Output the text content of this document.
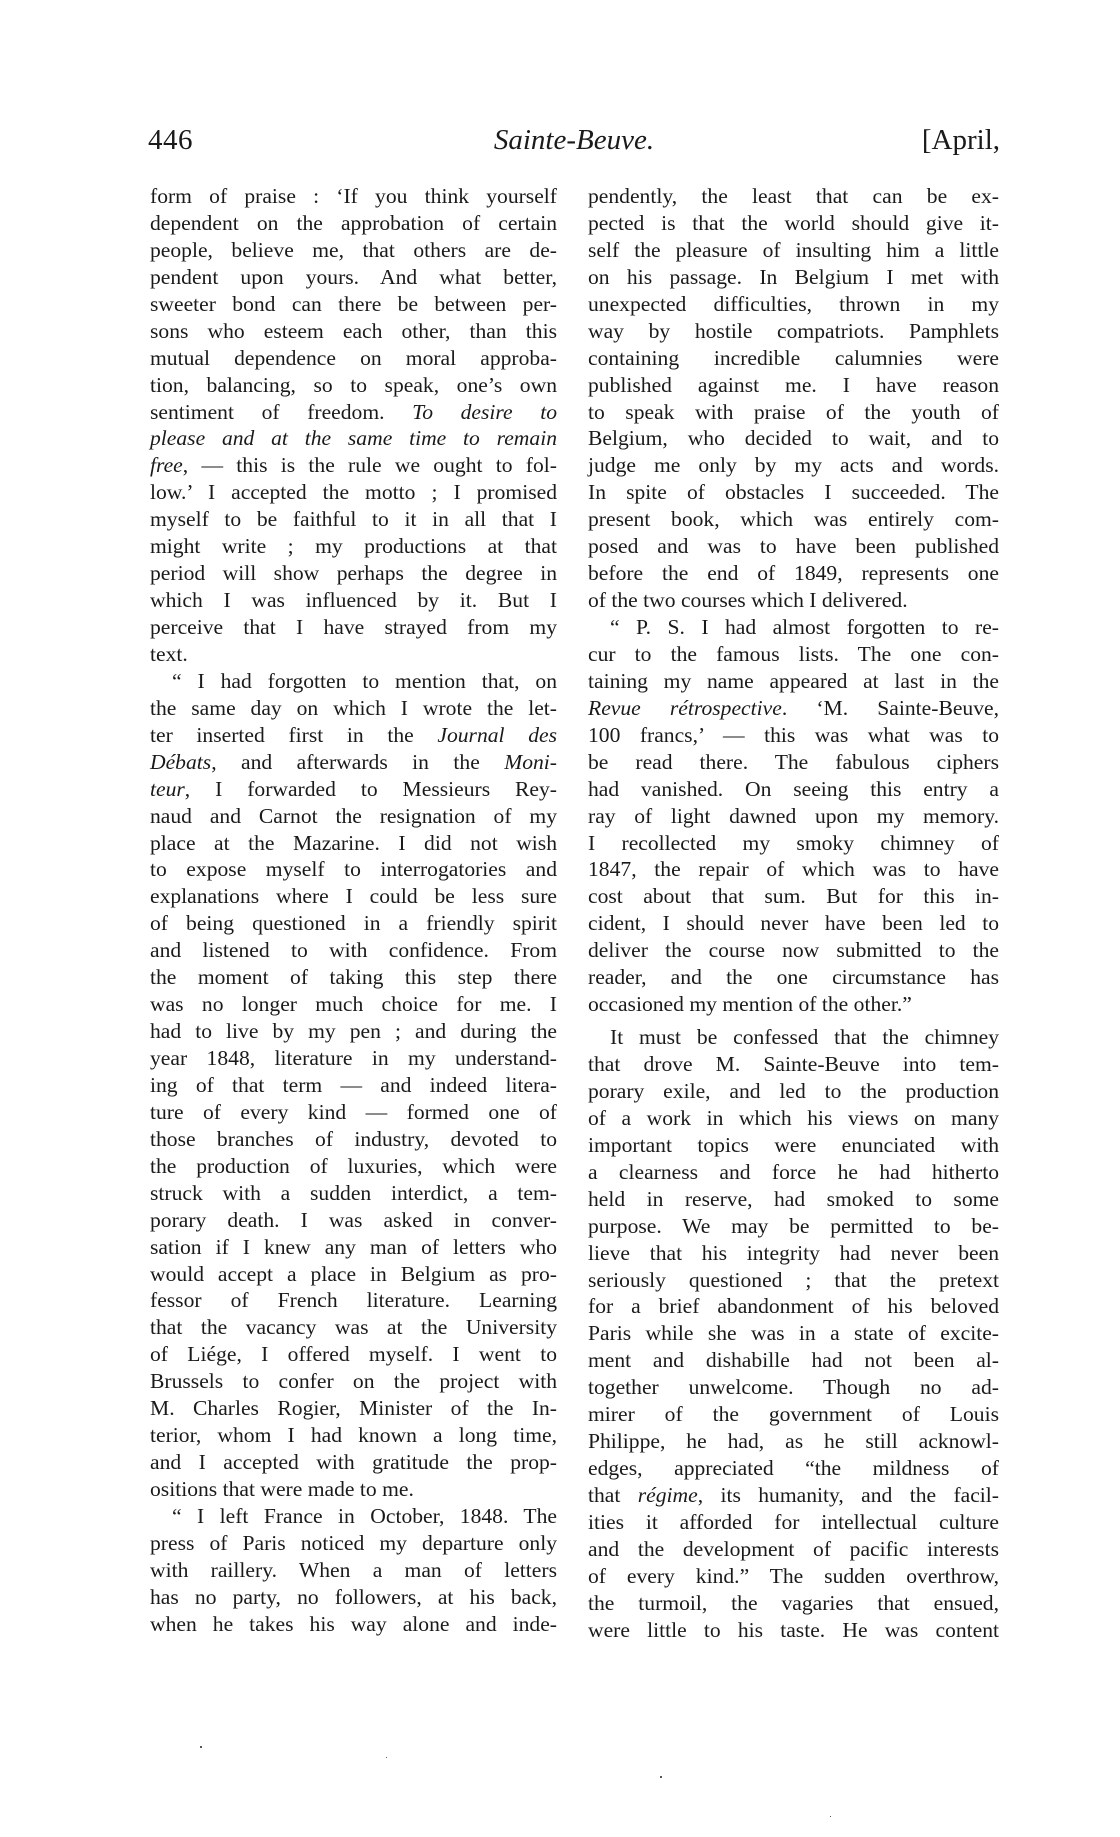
446	Sainte-Beuve.	[April,
form of praise : ‘If you think yourself
dependent on the approbation of certain
people, believe me, that others are de-
pendent upon yours. And what better,
sweeter bond can there be between per-
sons who esteem each other, than this
mutual dependence on moral approba-
tion, balancing, so to speak, one’s own
sentiment of freedom. To desire to
please and at the same time to remain
free, — this is the rule we ought to fol-
low.’ I accepted the motto ; I promised
myself to be faithful to it in all that I
might write ; my productions at that
period will show perhaps the degree in
which I was influenced by it. But I
perceive that I have strayed from my
text.
“ I had forgotten to mention that, on
the same day on which I wrote the let-
ter inserted first in the Journal des
Débats, and afterwards in the Moni-
teur, I forwarded to Messieurs Rey-
naud and Carnot the resignation of my
place at the Mazarine. I did not wish
to expose myself to interrogatories and
explanations where I could be less sure
of being questioned in a friendly spirit
and listened to with confidence. From
the moment of taking this step there
was no longer much choice for me. I
had to live by my pen ; and during the
year 1848, literature in my understand-
ing of that term — and indeed litera-
ture of every kind — formed one of
those branches of industry, devoted to
the production of luxuries, which were
struck with a sudden interdict, a tem-
porary death. I was asked in conver-
sation if I knew any man of letters who
would accept a place in Belgium as pro-
fessor of French literature. Learning
that the vacancy was at the University
of Liége, I offered myself. I went to
Brussels to confer on the project with
M. Charles Rogier, Minister of the In-
terior, whom I had known a long time,
and I accepted with gratitude the prop-
ositions that were made to me.
“ I left France in October, 1848. The
press of Paris noticed my departure only
with raillery. When a man of letters
has no party, no followers, at his back,
when he takes his way alone and inde-
pendently, the least that can be ex-
pected is that the world should give it-
self the pleasure of insulting him a little
on his passage. In Belgium I met with
unexpected difficulties, thrown in my
way by hostile compatriots. Pamphlets
containing incredible calumnies were
published against me. I have reason
to speak with praise of the youth of
Belgium, who decided to wait, and to
judge me only by my acts and words.
In spite of obstacles I succeeded. The
present book, which was entirely com-
posed and was to have been published
before the end of 1849, represents one
of the two courses which I delivered.
“ P. S. I had almost forgotten to re-
cur to the famous lists. The one con-
taining my name appeared at last in the
Revue rétrospective. ‘M. Sainte-Beuve,
100 francs,’ — this was what was to
be read there. The fabulous ciphers
had vanished. On seeing this entry a
ray of light dawned upon my memory.
I recollected my smoky chimney of
1847, the repair of which was to have
cost about that sum. But for this in-
cident, I should never have been led to
deliver the course now submitted to the
reader, and the one circumstance has
occasioned my mention of the other.”
It must be confessed that the chimney
that drove M. Sainte-Beuve into tem-
porary exile, and led to the production
of a work in which his views on many
important topics were enunciated with
a clearness and force he had hitherto
held in reserve, had smoked to some
purpose. We may be permitted to be-
lieve that his integrity had never been
seriously questioned ; that the pretext
for a brief abandonment of his beloved
Paris while she was in a state of excite-
ment and dishabille had not been al-
together unwelcome. Though no ad-
mirer of the government of Louis
Philippe, he had, as he still acknowl-
edges, appreciated “the mildness of
that régime, its humanity, and the facil-
ities it afforded for intellectual culture
and the development of pacific interests
of every kind.” The sudden overthrow,
the turmoil, the vagaries that ensued,
were little to his taste. He was content
